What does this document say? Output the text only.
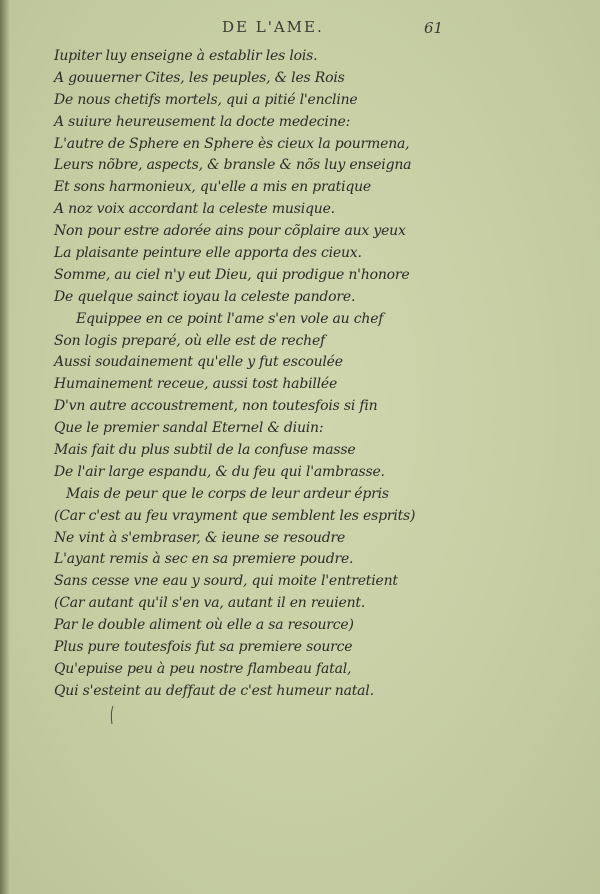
DE L'AME.	61
Iupiter luy enseigne à establir les lois.
A gouuerner Cites, les peuples, & les Rois
De nous chetifs mortels, qui a pitié l'encline
A suiure heureusement la docte medecine:
L'autre de Sphere en Sphere ès cieux la pourmena,
Leurs nõbre, aspects, & bransle & nõs luy enseigna
Et sons harmonieux, qu'elle a mis en pratique
A noz voix accordant la celeste musique.
Non pour estre adorée ains pour cõplaire aux yeux
La plaisante peinture elle apporta des cieux.
Somme, au ciel n'y eut Dieu, qui prodigue n'honore
De quelque sainct ioyau la celeste pandore.
Equippee en ce point l'ame s'en vole au chef
Son logis preparé, où elle est de rechef
Aussi soudainement qu'elle y fut escoulée
Humainement receue, aussi tost habillée
D'vn autre accoustrement, non toutesfois si fin
Que le premier sandal Eternel & diuin:
Mais fait du plus subtil de la confuse masse
De l'air large espandu, & du feu qui l'ambrasse.
Mais de peur que le corps de leur ardeur épris
(Car c'est au feu vrayment que semblent les esprits)
Ne vint à s'embraser, & ieune se resoudre
L'ayant remis à sec en sa premiere poudre.
Sans cesse vne eau y sourd, qui moite l'entretient
(Car autant qu'il s'en va, autant il en reuient.
Par le double aliment où elle a sa resource)
Plus pure toutesfois fut sa premiere source
Qu'epuise peu à peu nostre flambeau fatal,
Qui s'esteint au deffaut de c'est humeur natal.
